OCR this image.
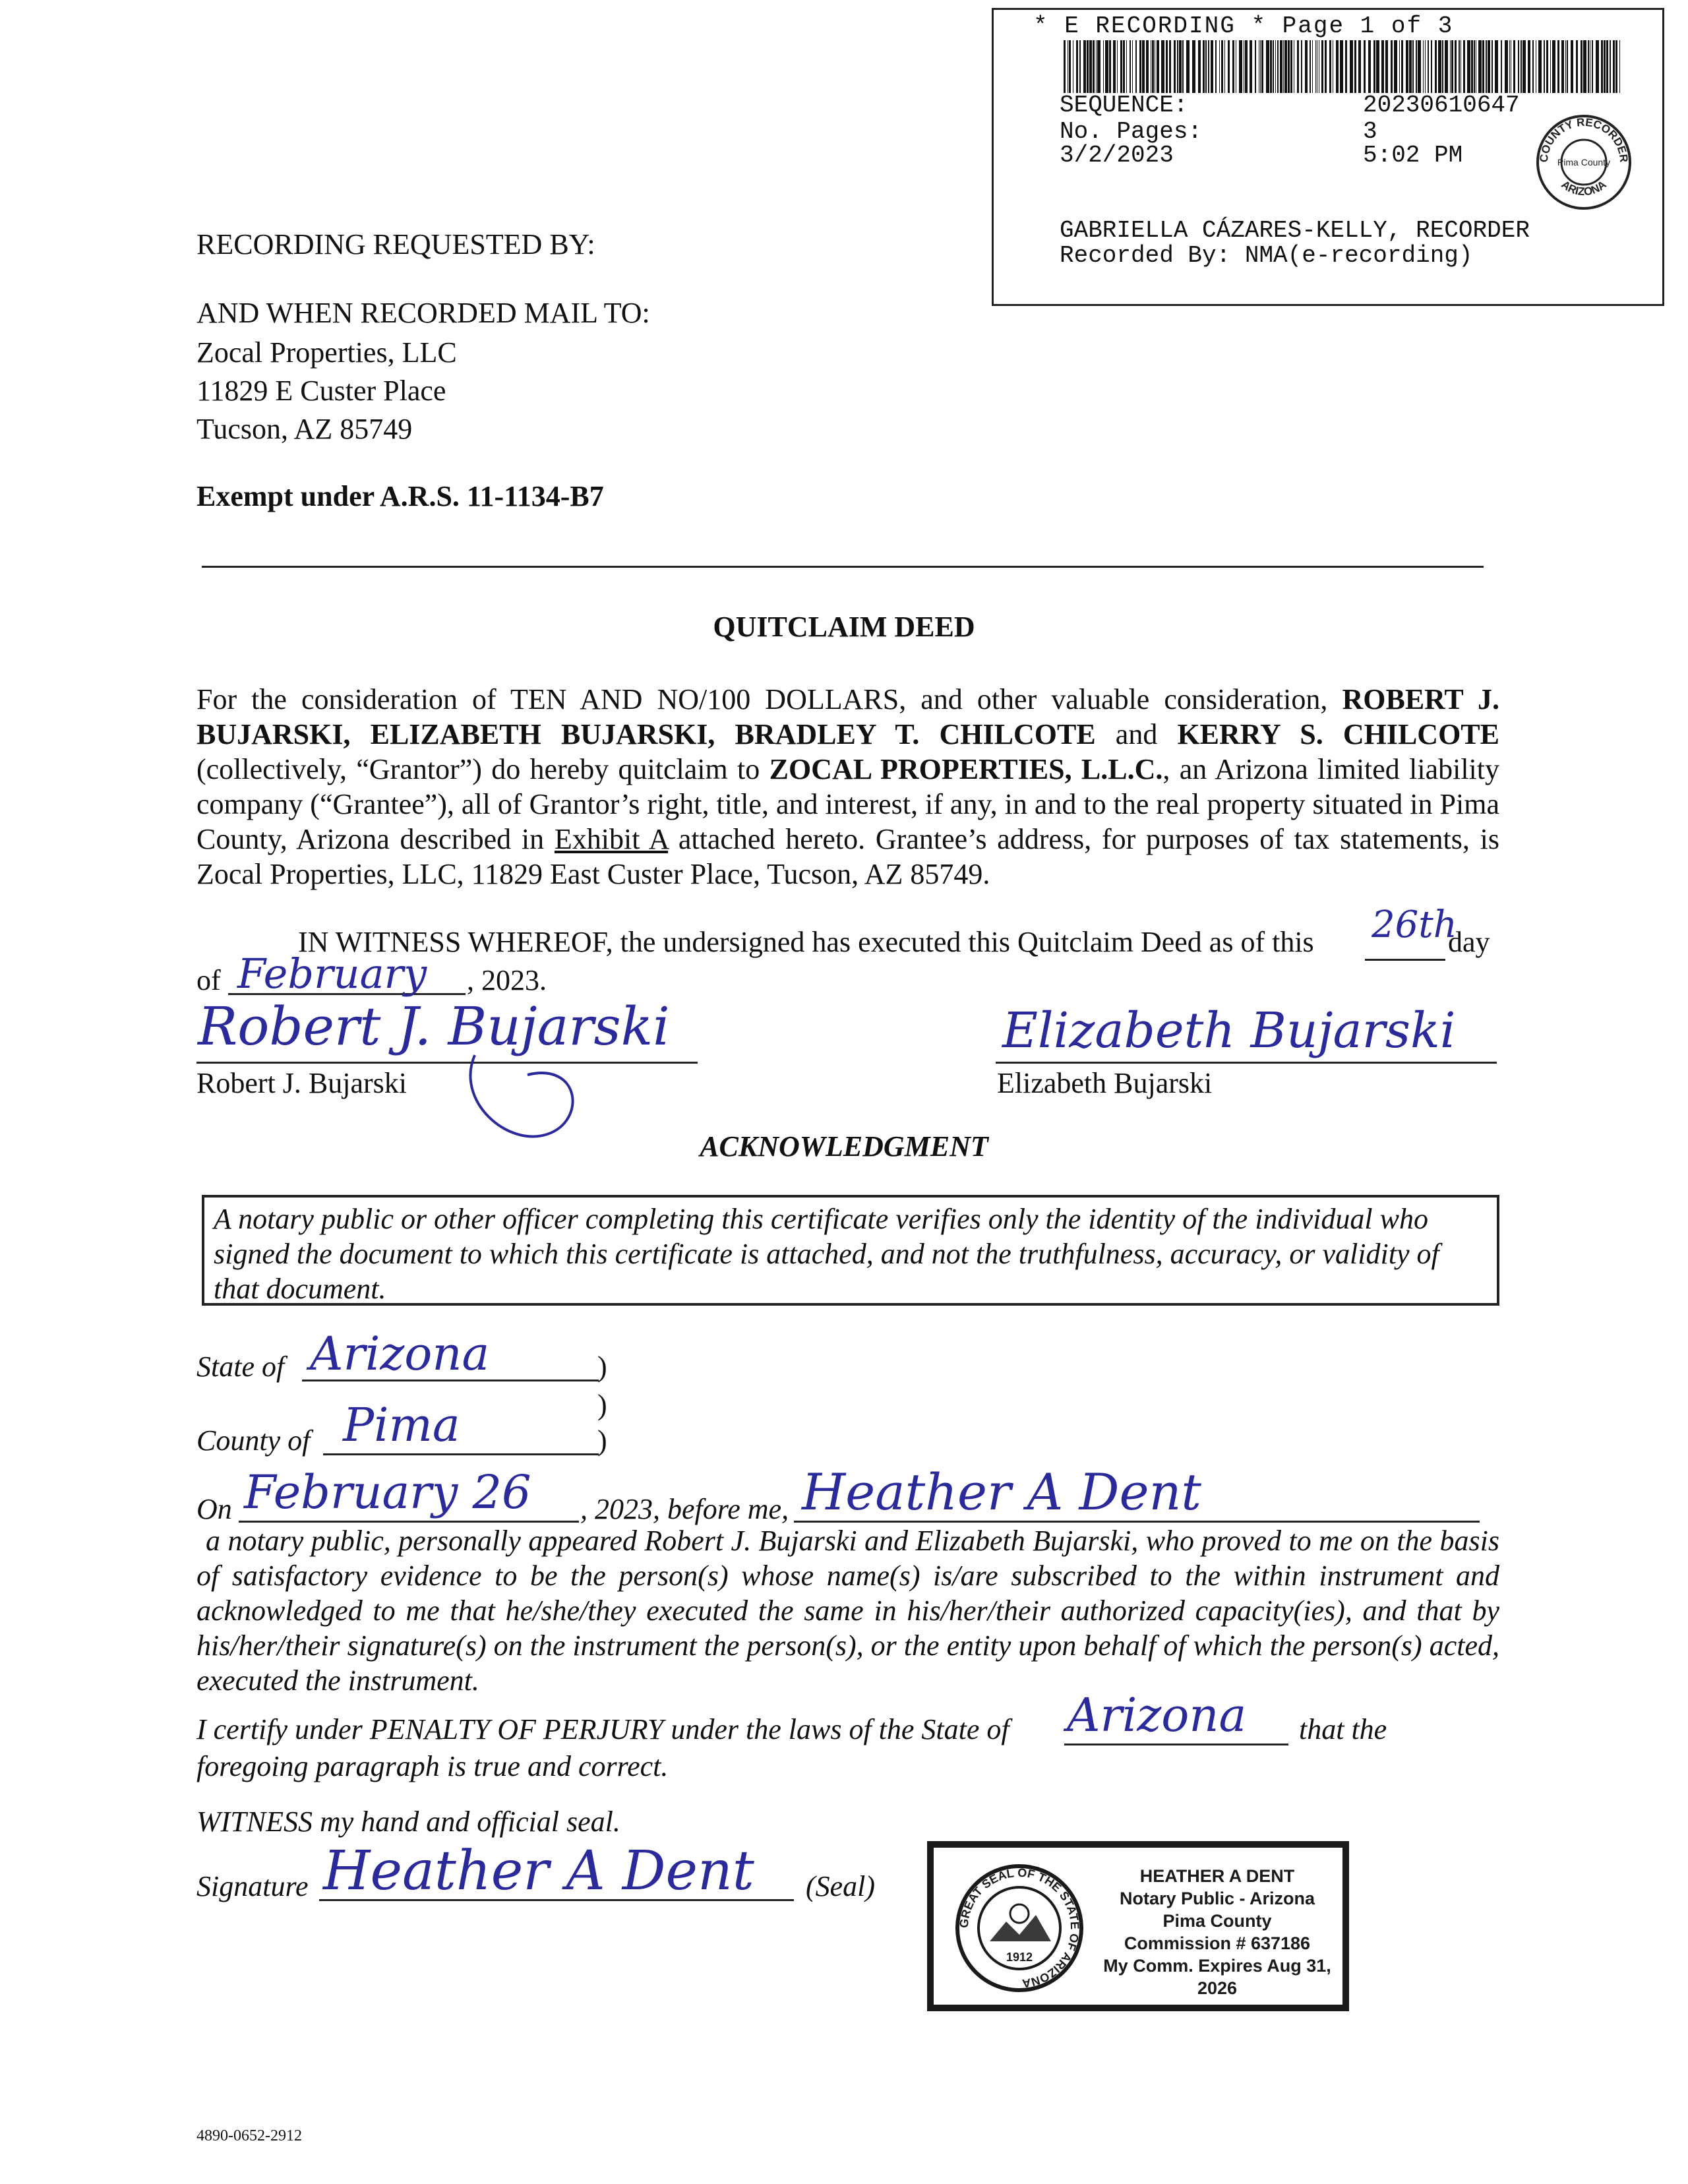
* E RECORDING * Page 1 of 3
SEQUENCE:	20230610647
No. Pages:	3
3/2/2023	5:02 PM	COUNTY RECORDER
ARIZONA
Pima County
GABRIELLA CÁZARES-KELLY, RECORDER
Recorded By: NMA(e-recording)
RECORDING REQUESTED BY:
AND WHEN RECORDED MAIL TO:
Zocal Properties, LLC
11829 E Custer Place
Tucson, AZ 85749
Exempt under A.R.S. 11-1134-B7
QUITCLAIM DEED
For the consideration of TEN AND NO/100 DOLLARS, and other valuable consideration, ROBERT J. BUJARSKI, ELIZABETH BUJARSKI, BRADLEY T. CHILCOTE and KERRY S. CHILCOTE (collectively, “Grantor”) do hereby quitclaim to ZOCAL PROPERTIES, L.L.C., an Arizona limited liability company (“Grantee”), all of Grantor’s right, title, and interest, if any, in and to the real property situated in Pima County, Arizona described in Exhibit A attached hereto. Grantee’s address, for purposes of tax statements, is Zocal Properties, LLC, 11829 East Custer Place, Tucson, AZ 85749.
IN WITNESS WHEREOF, the undersigned has executed this Quitclaim Deed as of this 26th
day
of February , 2023.
Robert J. Bujarski
Robert J. Bujarski
Elizabeth Bujarski
Elizabeth Bujarski
ACKNOWLEDGMENT
A notary public or other officer completing this certificate verifies only the identity of the individual who signed the document to which this certificate is attached, and not the truthfulness, accuracy, or validity of that document.
State of Arizona	)
)
County of Pima	)
On February 26 , 2023, before me, Heather A Dent
a notary public, personally appeared Robert J. Bujarski and Elizabeth Bujarski, who proved to me on the basis of satisfactory evidence to be the person(s) whose name(s) is/are subscribed to the within instrument and acknowledged to me that he/she/they executed the same in his/her/their authorized capacity(ies), and that by his/her/their signature(s) on the instrument the person(s), or the entity upon behalf of which the person(s) acted, executed the instrument.
I certify under PENALTY OF PERJURY under the laws of the State of Arizona that the
foregoing paragraph is true and correct.
WITNESS my hand and official seal.
Signature Heather A Dent (Seal)
GREAT SEAL OF THE STATE OF ARIZONA
1912
HEATHER A DENT
Notary Public - Arizona
Pima County
Commission # 637186
My Comm. Expires Aug 31, 2026
4890-0652-2912
